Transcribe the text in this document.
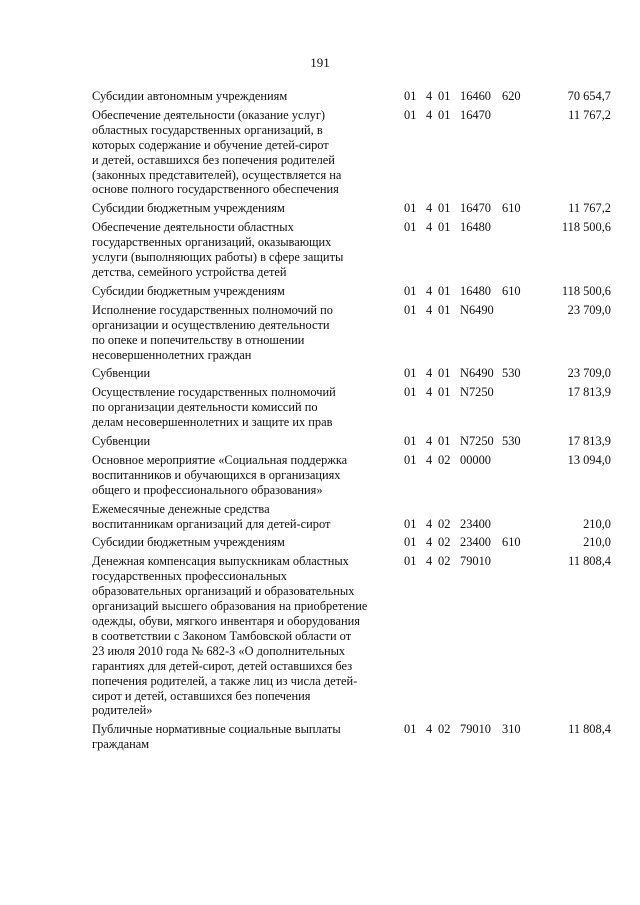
191
Субсидии автономным учреждениям	01 4 01 16460 620	70 654,7
Обеспечение деятельности (оказание услуг)
областных государственных организаций, в
которых содержание и обучение детей-сирот
и детей, оставшихся без попечения родителей
(законных представителей), осуществляется на
основе полного государственного обеспечения
01 4 01 16470	11 767,2
Субсидии бюджетным учреждениям	01 4 01 16470 610	11 767,2
Обеспечение деятельности областных
государственных организаций, оказывающих
услуги (выполняющих работы) в сфере защиты
детства, семейного устройства детей
01 4 01 16480	118 500,6
Субсидии бюджетным учреждениям	01 4 01 16480 610	118 500,6
Исполнение государственных полномочий по
организации и осуществлению деятельности
по опеке и попечительству в отношении
несовершеннолетних граждан
01 4 01 N6490	23 709,0
Субвенции	01 4 01 N6490 530	23 709,0
Осуществление государственных полномочий
по организации деятельности комиссий по
делам несовершеннолетних и защите их прав
01 4 01 N7250	17 813,9
Субвенции	01 4 01 N7250 530	17 813,9
Основное мероприятие «Социальная поддержка
воспитанников и обучающихся в организациях
общего и профессионального образования»
01 4 02 00000	13 094,0
Ежемесячные денежные средства
воспитанникам организаций для детей-сирот	01 4 02 23400	210,0
Субсидии бюджетным учреждениям	01 4 02 23400 610	210,0
Денежная компенсация выпускникам областных
государственных профессиональных
образовательных организаций и образовательных
организаций высшего образования на приобретение
одежды, обуви, мягкого инвентаря и оборудования
в соответствии с Законом Тамбовской области от
23 июля 2010 года № 682-З «О дополнительных
гарантиях для детей-сирот, детей оставшихся без
попечения родителей, а также лиц из числа детей-
сирот и детей, оставшихся без попечения
родителей»
01 4 02 79010	11 808,4
Публичные нормативные социальные выплаты
гражданам
01 4 02 79010 310	11 808,4
